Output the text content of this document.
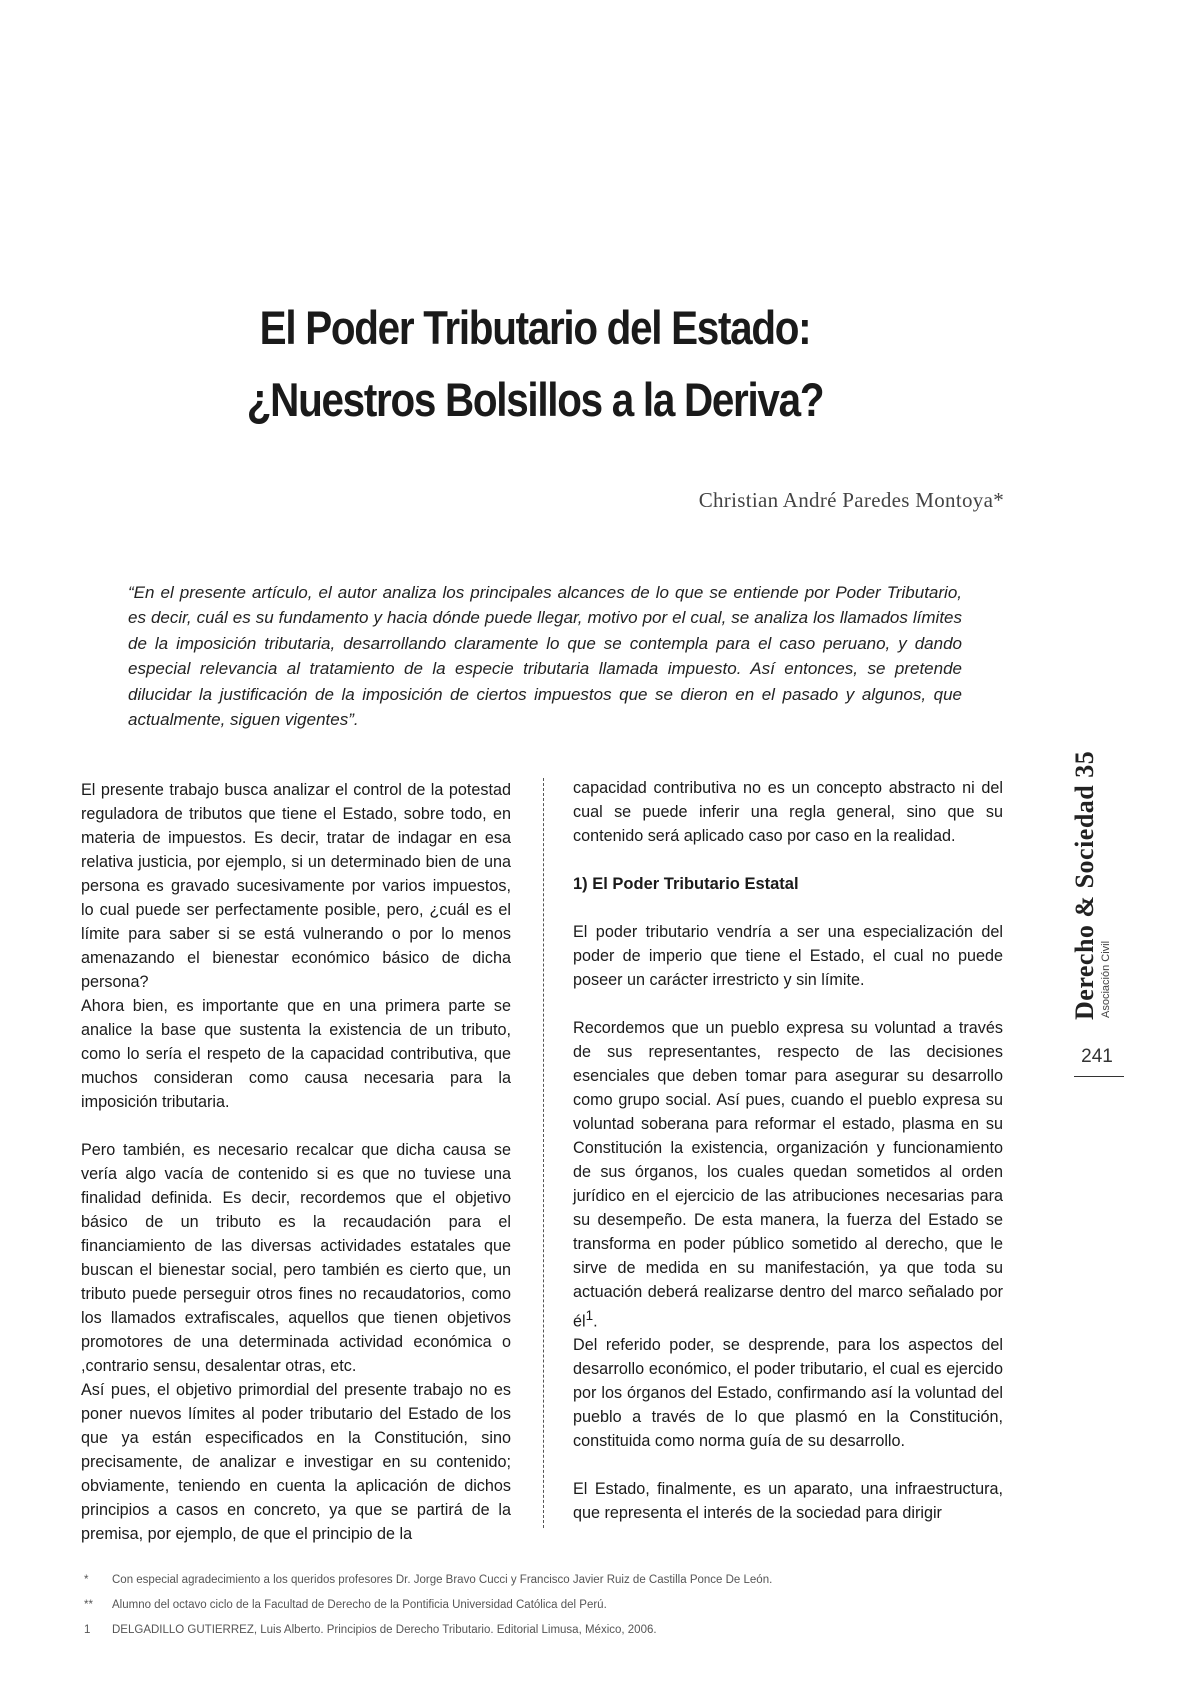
El Poder Tributario del Estado:
¿Nuestros Bolsillos a la Deriva?
Christian André Paredes Montoya*

“En el presente artículo, el autor analiza los principales alcances de lo que se entiende por Poder Tributario, es decir, cuál es su fundamento y hacia dónde puede llegar, motivo por el cual, se analiza los llamados límites de la imposición tributaria, desarrollando claramente lo que se contempla para el caso peruano, y dando especial relevancia al tratamiento de la especie tributaria llamada impuesto. Así entonces, se pretende dilucidar la justificación de la imposición de ciertos impuestos que se dieron en el pasado y algunos, que actualmente, siguen vigentes”.

El presente trabajo busca analizar el control de la potestad reguladora de tributos que tiene el Estado, sobre todo, en materia de impuestos. Es decir, tratar de indagar en esa relativa justicia, por ejemplo, si un determinado bien de una persona es gravado sucesivamente por varios impuestos, lo cual puede ser perfectamente posible, pero, ¿cuál es el límite para saber si se está vulnerando o por lo menos amenazando el bienestar económico básico de dicha persona?

Ahora bien, es importante que en una primera parte se analice la base que sustenta la existencia de un tributo, como lo sería el respeto de la capacidad contributiva, que muchos consideran como causa necesaria para la imposición tributaria.

Pero también, es necesario recalcar que dicha causa se vería algo vacía de contenido si es que no tuviese una finalidad definida. Es decir, recordemos que el objetivo básico de un tributo es la recaudación para el financiamiento de las diversas actividades estatales que buscan el bienestar social, pero también es cierto que, un tributo puede perseguir otros fines no recaudatorios, como los llamados extrafiscales, aquellos que tienen objetivos promotores de una determinada actividad económica o ,contrario sensu, desalentar otras, etc.

Así pues, el objetivo primordial del presente trabajo no es poner nuevos límites al poder tributario del Estado de los que ya están especificados en la Constitución, sino precisamente, de analizar e investigar en su contenido; obviamente, teniendo en cuenta la aplicación de dichos principios a casos en concreto, ya que se partirá de la premisa, por ejemplo, de que el principio de la

capacidad contributiva no es un concepto abstracto ni del cual se puede inferir una regla general, sino que su contenido será aplicado caso por caso en la realidad.

1) El Poder Tributario Estatal

El poder tributario vendría a ser una especialización del poder de imperio que tiene el Estado, el cual no puede poseer un carácter irrestricto y sin límite.

Recordemos que un pueblo expresa su voluntad a través de sus representantes, respecto de las decisiones esenciales que deben tomar para asegurar su desarrollo como grupo social. Así pues, cuando el pueblo expresa su voluntad soberana para reformar el estado, plasma en su Constitución la existencia, organización y funcionamiento de sus órganos, los cuales quedan sometidos al orden jurídico en el ejercicio de las atribuciones necesarias para su desempeño. De esta manera, la fuerza del Estado se transforma en poder público sometido al derecho, que le sirve de medida en su manifestación, ya que toda su actuación deberá realizarse dentro del marco señalado por $él^1$.

Del referido poder, se desprende, para los aspectos del desarrollo económico, el poder tributario, el cual es ejercido por los órganos del Estado, confirmando así la voluntad del pueblo a través de lo que plasmó en la Constitución, constituida como norma guía de su desarrollo.

El Estado, finalmente, es un aparato, una infraestructura, que representa el interés de la sociedad para dirigir

Derecho & Sociedad 35 Asociación Civil
241
*	Con especial agradecimiento a los queridos profesores Dr. Jorge Bravo Cucci y Francisco Javier Ruiz de Castilla Ponce De León.
**	Alumno del octavo ciclo de la Facultad de Derecho de la Pontificia Universidad Católica del Perú.
1	DELGADILLO GUTIERREZ, Luis Alberto. Principios de Derecho Tributario. Editorial Limusa, México, 2006.
